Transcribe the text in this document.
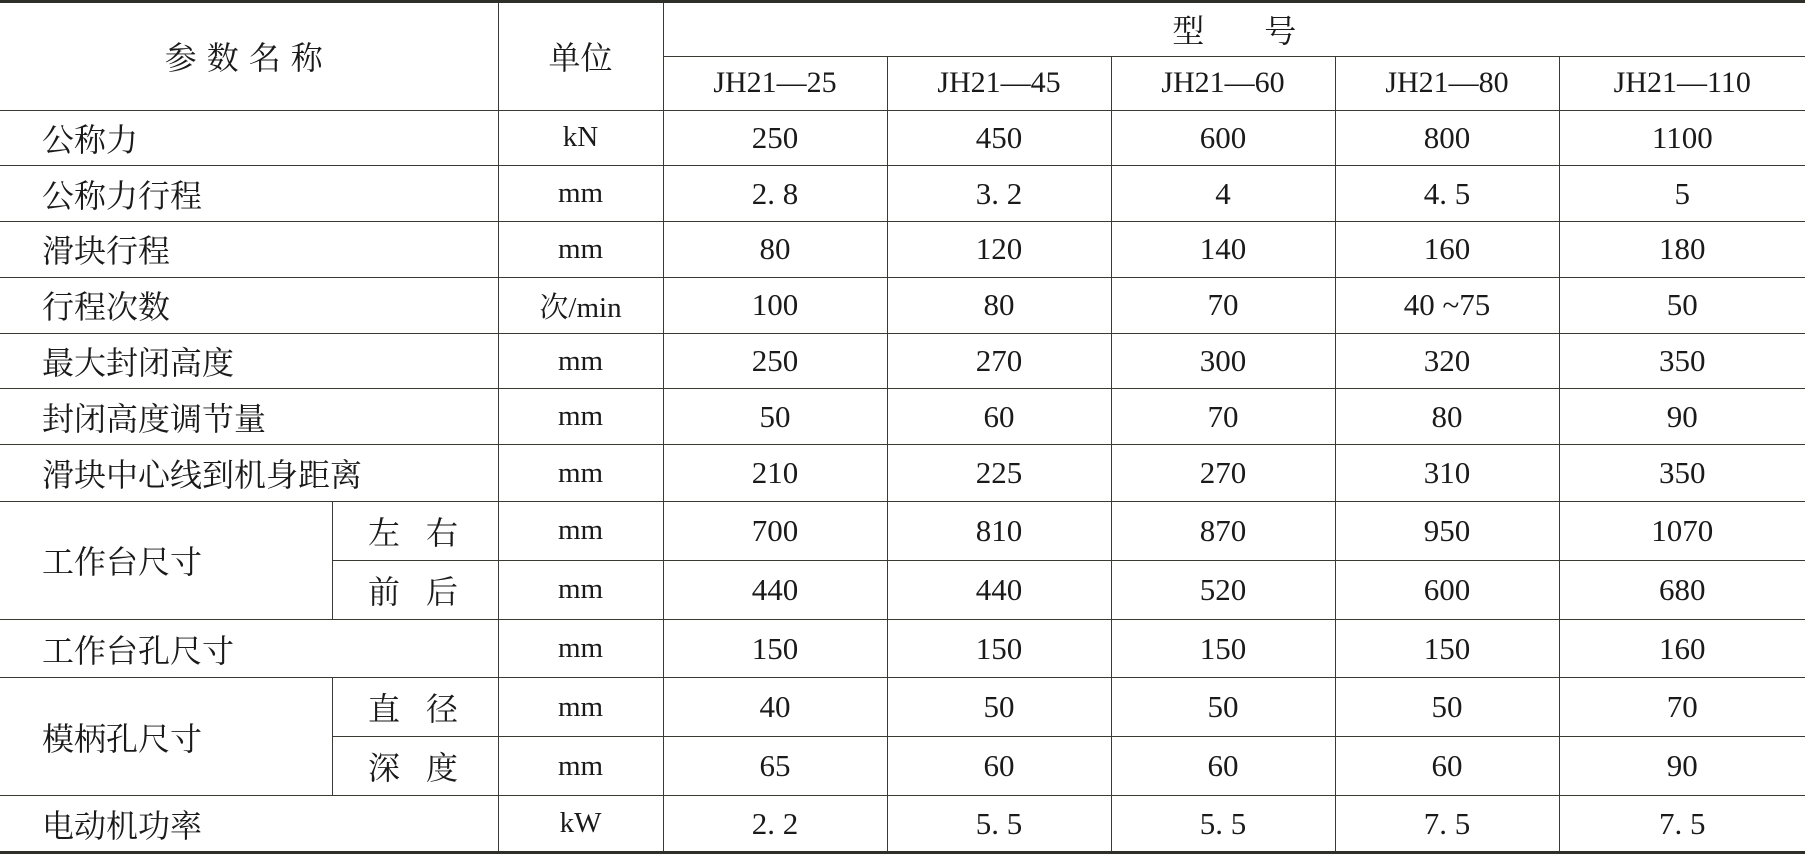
参数名称		单位	型号				
			JH21—25	JH21—45	JH21—60	JH21—80	JH21—110
公称力		kN	250	450	600	800	1100
公称力行程		mm	2. 8	3. 2	4	4. 5	5
滑块行程		mm	80	120	140	160	180
行程次数		次/min	100	80	70	40 ~75	50
最大封闭高度		mm	250	270	300	320	350
封闭高度调节量		mm	50	60	70	80	90
滑块中心线到机身距离		mm	210	225	270	310	350
工作台尺寸	左右	mm	700	810	870	950	1070
	前后	mm	440	440	520	600	680
工作台孔尺寸		mm	150	150	150	150	160
模柄孔尺寸	直径	mm	40	50	50	50	70
	深度	mm	65	60	60	60	90
电动机功率		kW	2. 2	5. 5	5. 5	7. 5	7. 5
